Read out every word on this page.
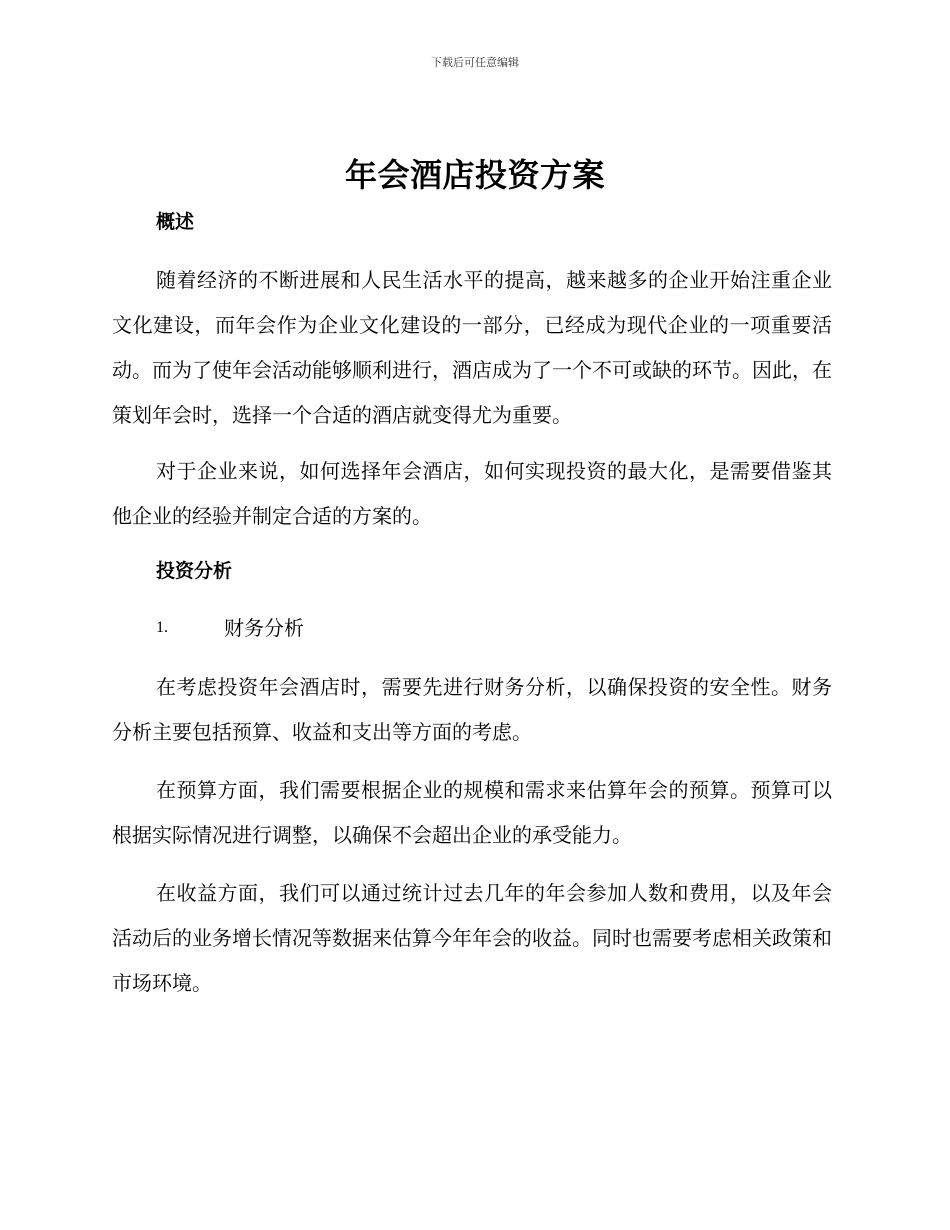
下载后可任意编辑
年会酒店投资方案
概述

随着经济的不断进展和人民生活水平的提高，越来越多的企业开始注重企业文化建设，而年会作为企业文化建设的一部分，已经成为现代企业的一项重要活动。而为了使年会活动能够顺利进行，酒店成为了一个不可或缺的环节。因此，在策划年会时，选择一个合适的酒店就变得尤为重要。

对于企业来说，如何选择年会酒店，如何实现投资的最大化，是需要借鉴其他企业的经验并制定合适的方案的。

投资分析
1.	财务分析

在考虑投资年会酒店时，需要先进行财务分析，以确保投资的安全性。财务分析主要包括预算、收益和支出等方面的考虑。

在预算方面，我们需要根据企业的规模和需求来估算年会的预算。预算可以根据实际情况进行调整，以确保不会超出企业的承受能力。

在收益方面，我们可以通过统计过去几年的年会参加人数和费用，以及年会活动后的业务增长情况等数据来估算今年年会的收益。同时也需要考虑相关政策和市场环境。
